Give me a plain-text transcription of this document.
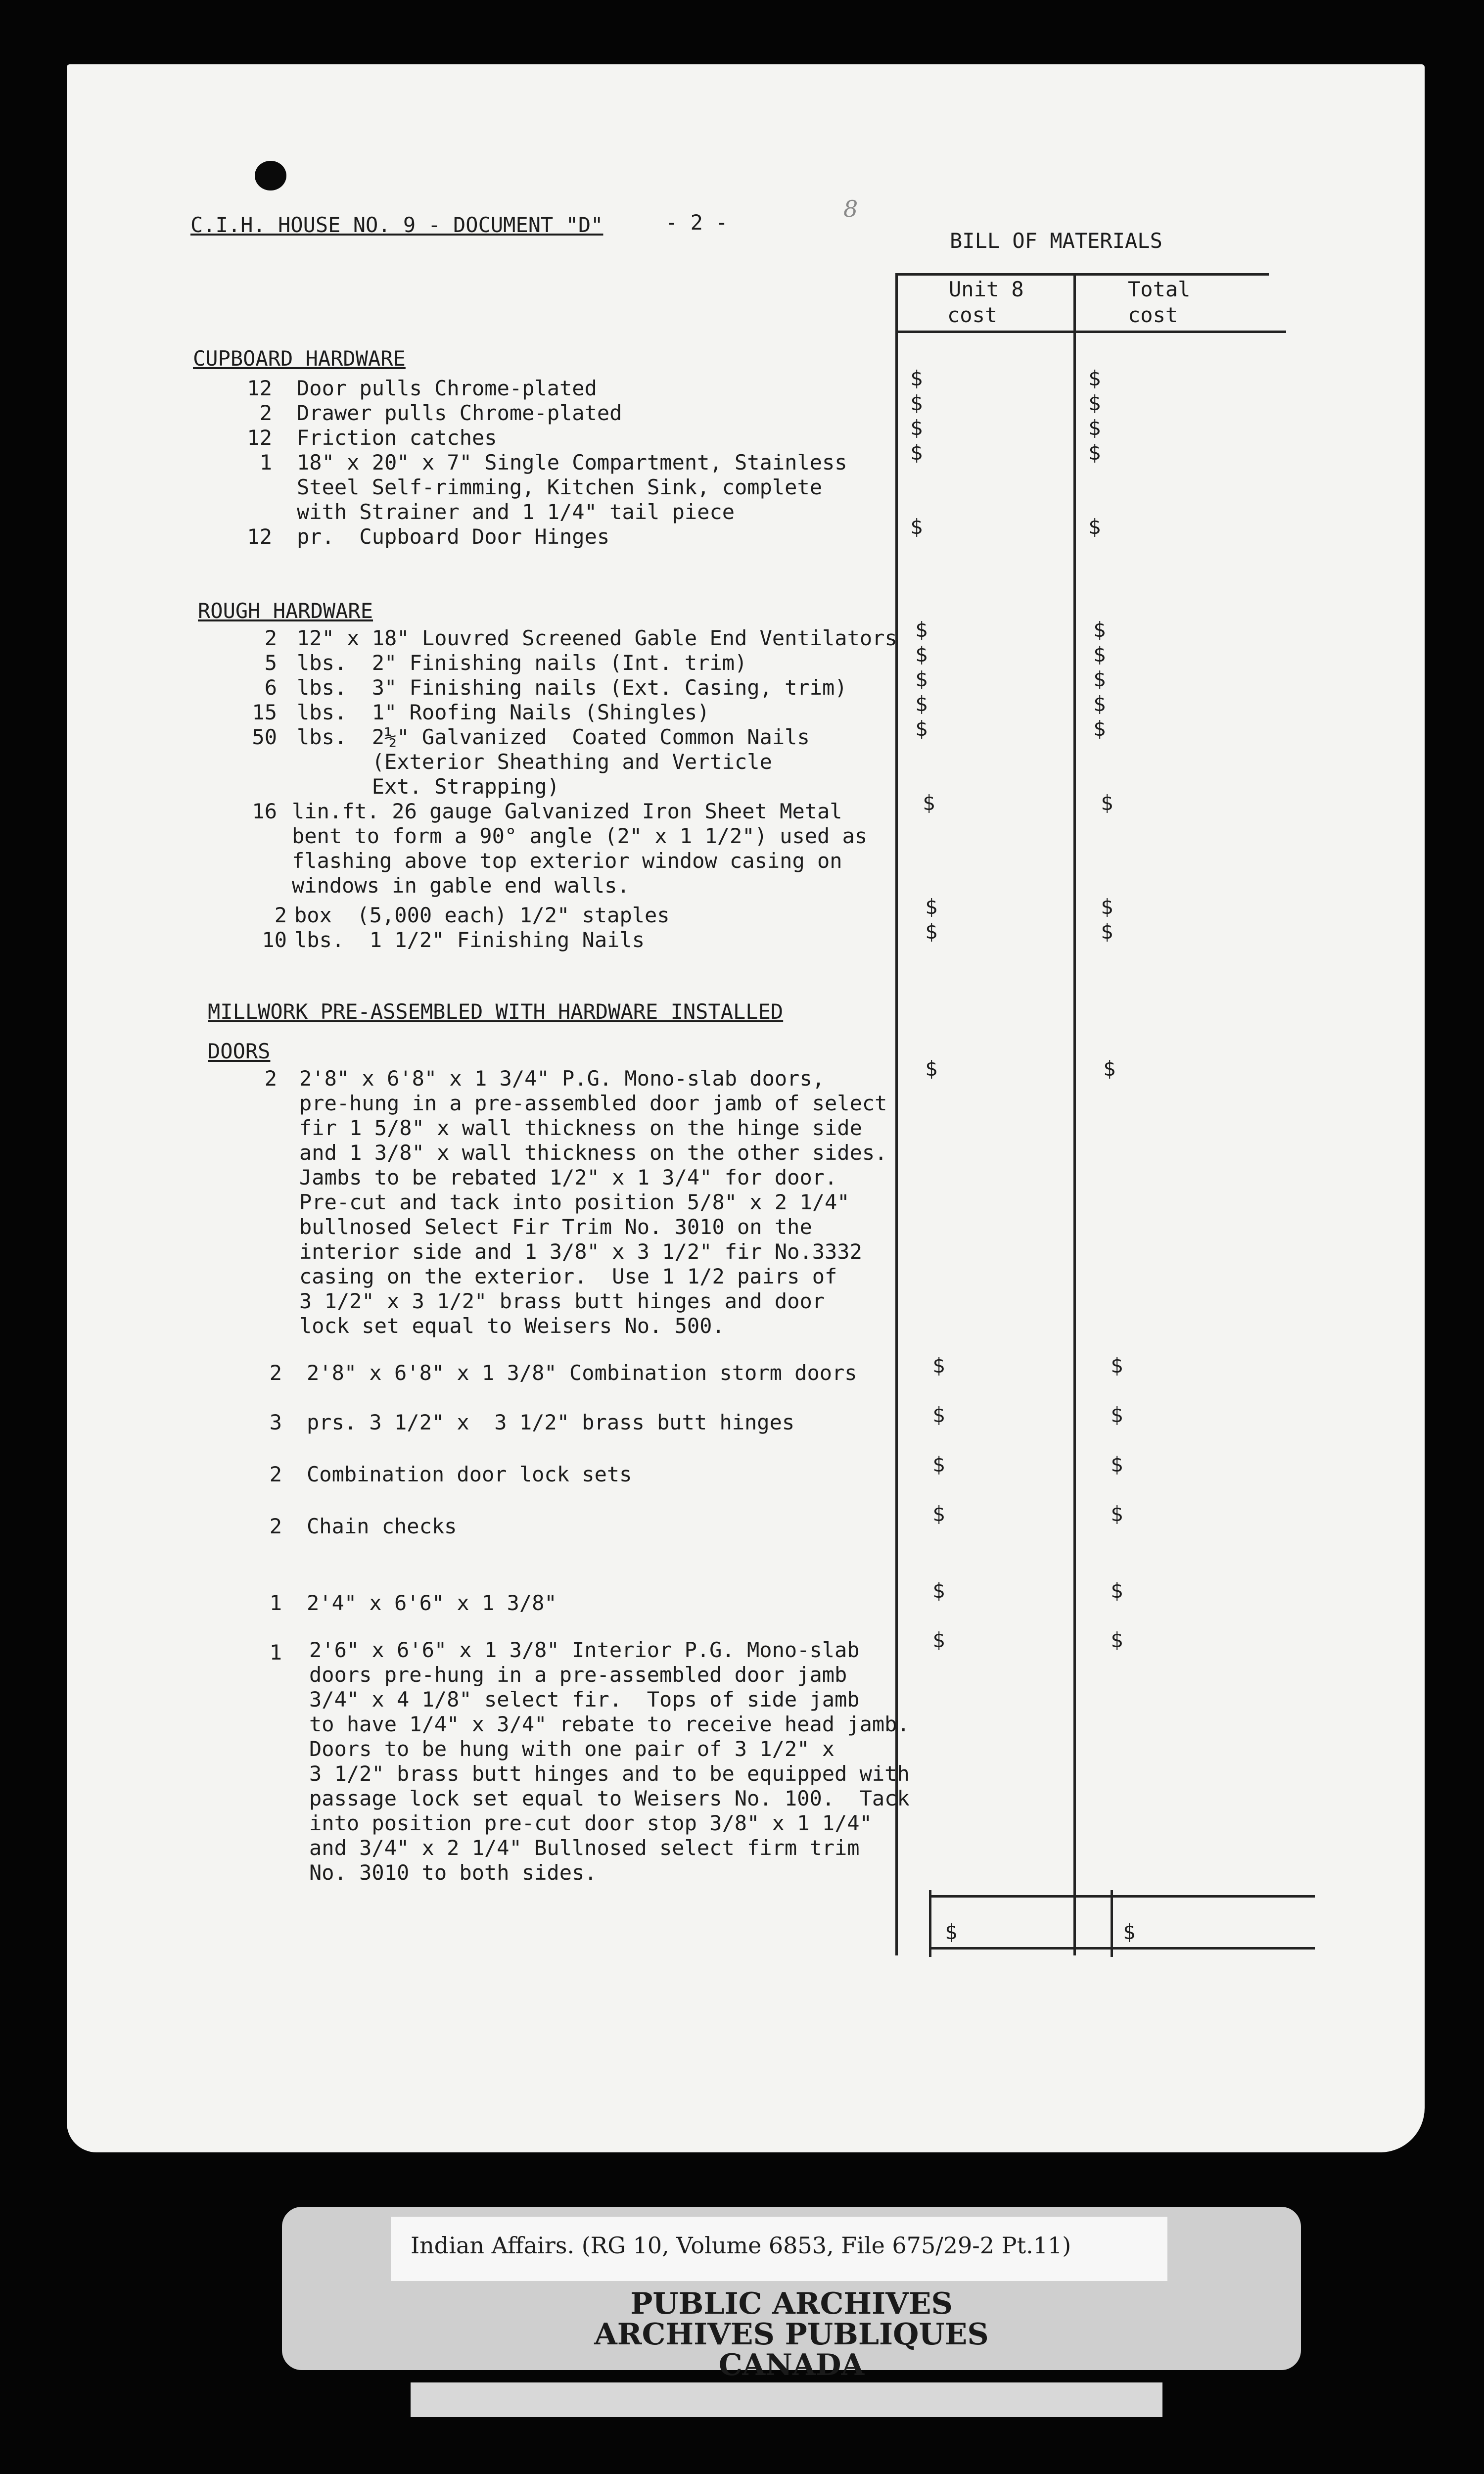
C.I.H. HOUSE NO. 9 - DOCUMENT "D"	- 2 -
8
BILL OF MATERIALS
Unit 8
cost
Total
cost
CUPBOARD HARDWARE
12 Door pulls Chrome-plated
2 Drawer pulls Chrome-plated
12 Friction catches
1 18" x 20" x 7" Single Compartment, Stainless
Steel Self-rimming, Kitchen Sink, complete
with Strainer and 1 1/4" tail piece
12 pr.  Cupboard Door Hinges
$
$
$
$
$
$
$
$
$
$
ROUGH HARDWARE
2 12" x 18" Louvred Screened Gable End Ventilators
5 lbs.  2" Finishing nails (Int. trim)
6 lbs.  3" Finishing nails (Ext. Casing, trim)
15 lbs.  1" Roofing Nails (Shingles)
50 lbs.  2½" Galvanized  Coated Common Nails
(Exterior Sheathing and Verticle
Ext. Strapping)
16 lin.ft. 26 gauge Galvanized Iron Sheet Metal
bent to form a 90° angle (2" x 1 1/2") used as
flashing above top exterior window casing on
windows in gable end walls.
2 box  (5,000 each) 1/2" staples
10 lbs.  1 1/2" Finishing Nails
$
$
$
$
$
$
$
$
$
$
$
$
$
$
$
$
MILLWORK PRE-ASSEMBLED WITH HARDWARE INSTALLED
DOORS
2 2'8" x 6'8" x 1 3/4" P.G. Mono-slab doors,
pre-hung in a pre-assembled door jamb of select
fir 1 5/8" x wall thickness on the hinge side
and 1 3/8" x wall thickness on the other sides.
Jambs to be rebated 1/2" x 1 3/4" for door.
Pre-cut and tack into position 5/8" x 2 1/4"
bullnosed Select Fir Trim No. 3010 on the
interior side and 1 3/8" x 3 1/2" fir No.3332
casing on the exterior.  Use 1 1/2 pairs of
3 1/2" x 3 1/2" brass butt hinges and door
lock set equal to Weisers No. 500.
2 2'8" x 6'8" x 1 3/8" Combination storm doors
3 prs. 3 1/2" x  3 1/2" brass butt hinges
2 Combination door lock sets
2 Chain checks
1 2'4" x 6'6" x 1 3/8"
1 2'6" x 6'6" x 1 3/8" Interior P.G. Mono-slab
doors pre-hung in a pre-assembled door jamb
3/4" x 4 1/8" select fir.  Tops of side jamb
to have 1/4" x 3/4" rebate to receive head jamb.
Doors to be hung with one pair of 3 1/2" x
3 1/2" brass butt hinges and to be equipped with
passage lock set equal to Weisers No. 100.  Tack
into position pre-cut door stop 3/8" x 1 1/4"
and 3/4" x 2 1/4" Bullnosed select firm trim
No. 3010 to both sides.
$
$
$
$
$
$
$
$
$
$
$
$
$
$
$	$
Indian Affairs. (RG 10, Volume 6853, File 675/29-2 Pt.11)
PUBLIC ARCHIVES
ARCHIVES PUBLIQUES
CANADA
